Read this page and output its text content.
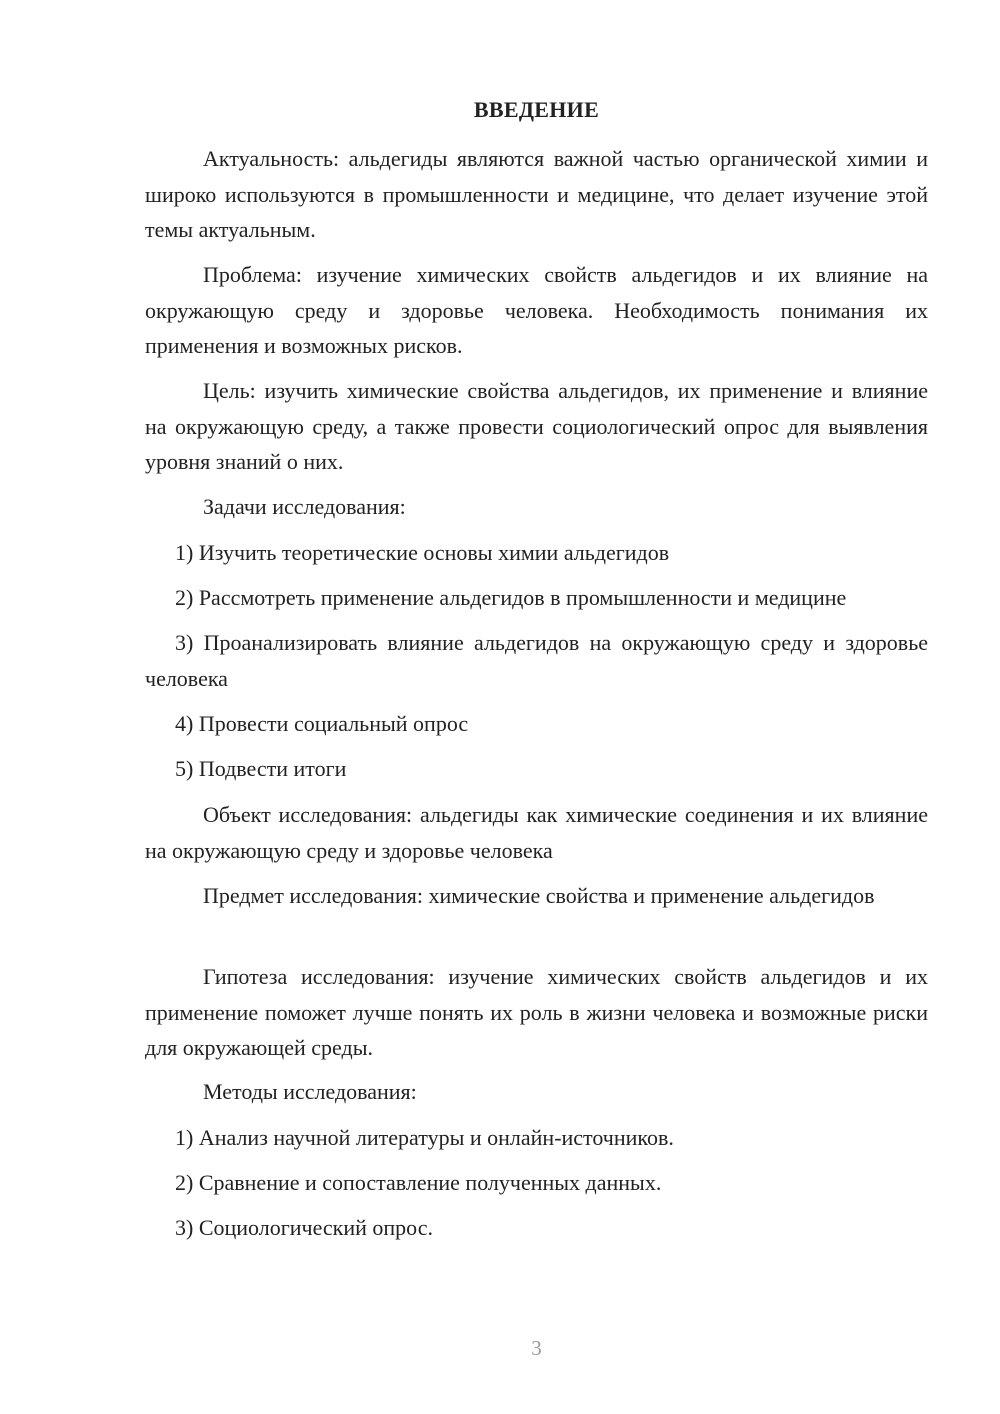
ВВЕДЕНИЕ
Актуальность: альдегиды являются важной частью органической химии и широко используются в промышленности и медицине, что делает изучение этой темы актуальным.
Проблема: изучение химических свойств альдегидов и их влияние на окружающую среду и здоровье человека. Необходимость понимания их применения и возможных рисков.
Цель: изучить химические свойства альдегидов, их применение и влияние на окружающую среду, а также провести социологический опрос для выявления уровня знаний о них.
Задачи исследования:
1) Изучить теоретические основы химии альдегидов
2) Рассмотреть применение альдегидов в промышленности и медицине
3) Проанализировать влияние альдегидов на окружающую среду и здоровье человека
4) Провести социальный опрос
5) Подвести итоги
Объект исследования: альдегиды как химические соединения и их влияние на окружающую среду и здоровье человека
Предмет исследования: химические свойства и применение альдегидов
Гипотеза исследования: изучение химических свойств альдегидов и их применение поможет лучше понять их роль в жизни человека и возможные риски для окружающей среды.
Методы исследования:
1) Анализ научной литературы и онлайн-источников.
2) Сравнение и сопоставление полученных данных.
3) Социологический опрос.
3
